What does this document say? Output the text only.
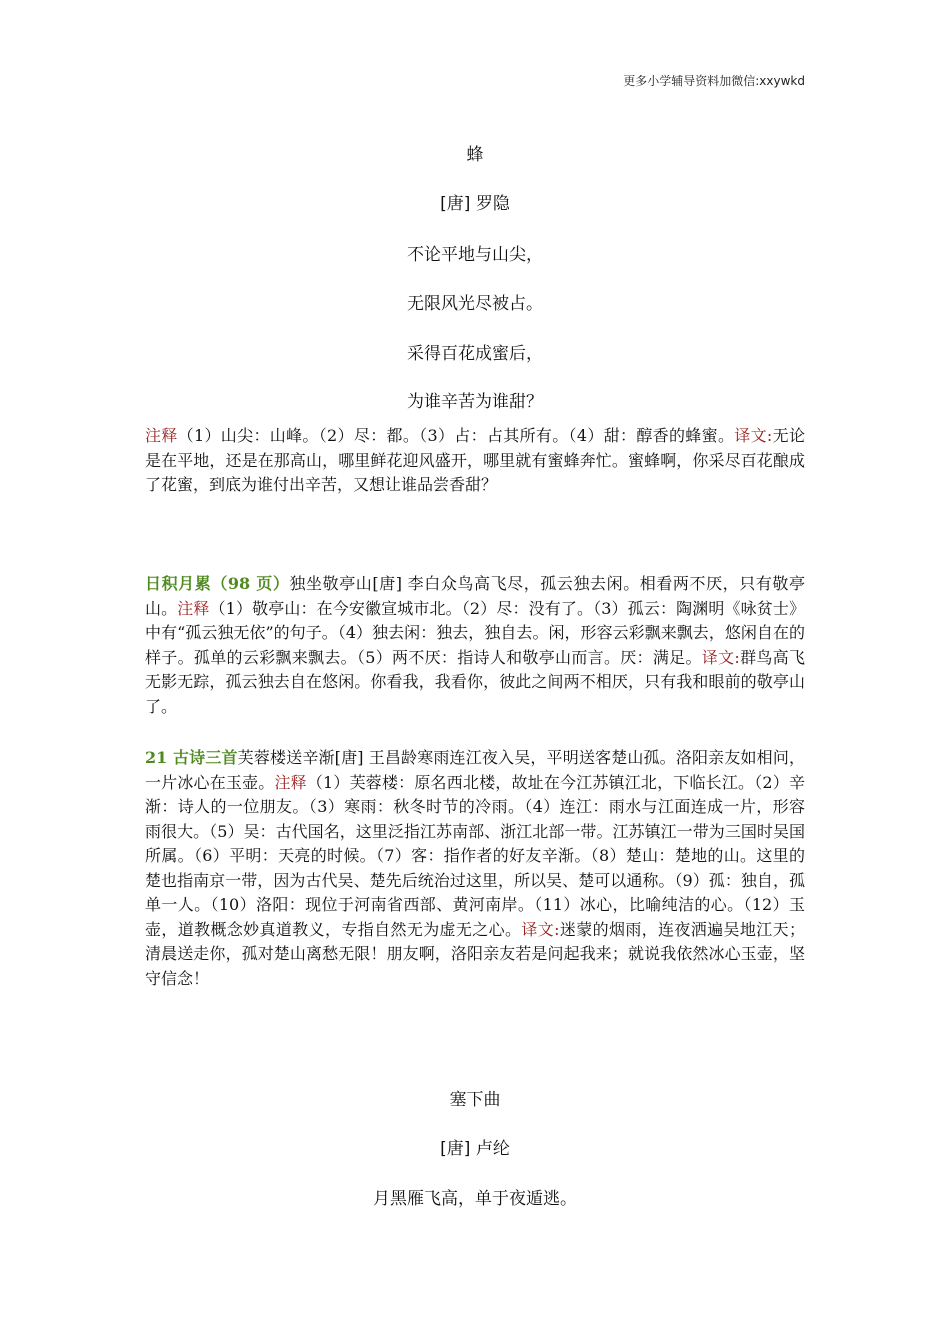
更多小学辅导资料加微信:xxywkd
蜂
[唐] 罗隐
不论平地与山尖，
无限风光尽被占。
采得百花成蜜后，
为谁辛苦为谁甜？
注释（1）山尖：山峰。（2）尽：都。（3）占：占其所有。（4）甜：醇香的蜂蜜。译文:无论是在平地，还是在那高山，哪里鲜花迎风盛开，哪里就有蜜蜂奔忙。蜜蜂啊，你采尽百花酿成了花蜜，到底为谁付出辛苦，又想让谁品尝香甜？
日积月累（98 页）独坐敬亭山[唐] 李白众鸟高飞尽，孤云独去闲。相看两不厌，只有敬亭山。注释（1）敬亭山：在今安徽宣城市北。（2）尽：没有了。（3）孤云：陶渊明《咏贫士》中有“孤云独无依”的句子。（4）独去闲：独去，独自去。闲，形容云彩飘来飘去，悠闲自在的样子。孤单的云彩飘来飘去。（5）两不厌：指诗人和敬亭山而言。厌：满足。译文:群鸟高飞无影无踪，孤云独去自在悠闲。你看我，我看你，彼此之间两不相厌，只有我和眼前的敬亭山了。
21 古诗三首芙蓉楼送辛渐[唐] 王昌龄寒雨连江夜入吴，平明送客楚山孤。洛阳亲友如相问，一片冰心在玉壶。注释（1）芙蓉楼：原名西北楼，故址在今江苏镇江北，下临长江。（2）辛渐：诗人的一位朋友。（3）寒雨：秋冬时节的冷雨。（4）连江：雨水与江面连成一片，形容雨很大。（5）吴：古代国名，这里泛指江苏南部、浙江北部一带。江苏镇江一带为三国时吴国所属。（6）平明：天亮的时候。（7）客：指作者的好友辛渐。（8）楚山：楚地的山。这里的楚也指南京一带，因为古代吴、楚先后统治过这里，所以吴、楚可以通称。（9）孤：独自，孤单一人。（10）洛阳：现位于河南省西部、黄河南岸。（11）冰心，比喻纯洁的心。（12）玉壶，道教概念妙真道教义，专指自然无为虚无之心。译文:迷蒙的烟雨，连夜洒遍吴地江天；清晨送走你，孤对楚山离愁无限！朋友啊，洛阳亲友若是问起我来；就说我依然冰心玉壶，坚守信念！
塞下曲
[唐] 卢纶
月黑雁飞高，单于夜遁逃。
